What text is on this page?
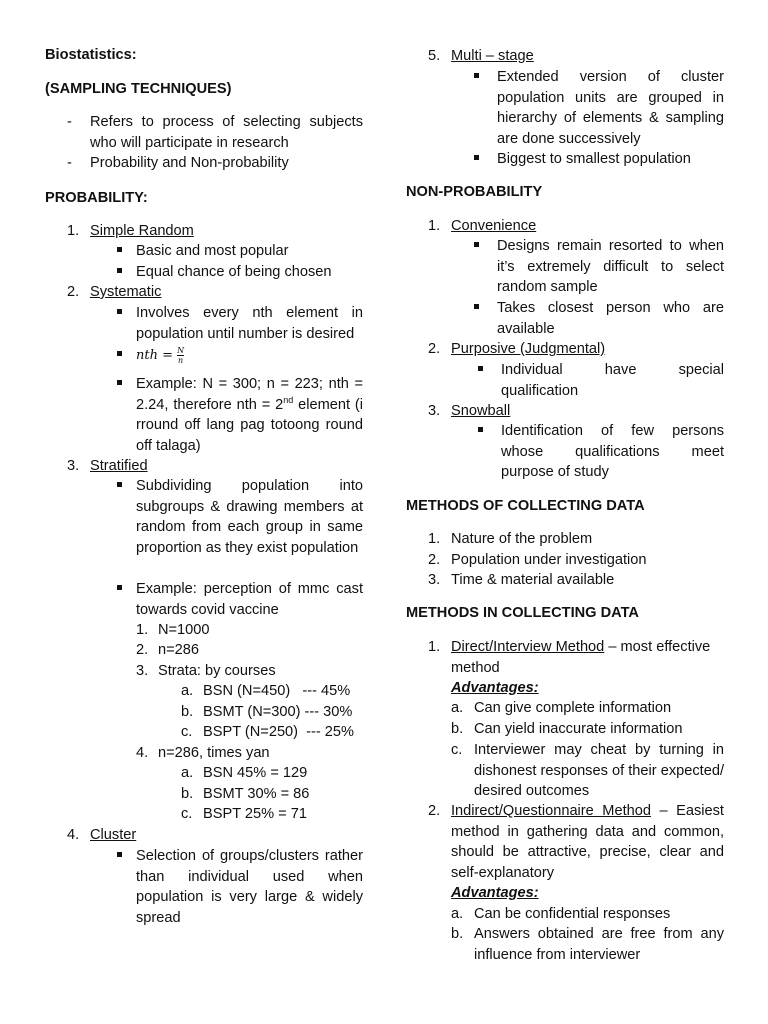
Biostatistics:
(SAMPLING TECHNIQUES)
- Refers to process of selecting subjects who will participate in research
- Probability and Non-probability
PROBABILITY:
1. Simple Random
Basic and most popular
Equal chance of being chosen
2. Systematic
Involves every nth element in population until number is desired
nth = $\frac{N}{n}$
Example: N = 300; n = 223; nth = 2.24, therefore nth = 2nd element (i rround off lang pag totoong round off talaga)
3. Stratified
Subdividing population into subgroups & drawing members at random from each group in same proportion as they exist population
Example: perception of mmc cast towards covid vaccine
1. N=1000
2. n=286
3. Strata: by courses
a. BSN (N=450)   --- 45%
b. BSMT (N=300) --- 30%
c. BSPT (N=250)  --- 25%
4. n=286, times yan
a. BSN 45% = 129
b. BSMT 30% = 86
c. BSPT 25% = 71
4. Cluster
Selection of groups/clusters rather than individual used when population is very large & widely spread
5. Multi – stage
Extended version of cluster population units are grouped in hierarchy of elements & sampling are done successively
Biggest to smallest population
NON-PROBABILITY
1. Convenience
Designs remain resorted to when it’s extremely difficult to select random sample
Takes closest person who are available
2. Purposive (Judgmental)
Individual have special qualification
3. Snowball
Identification of few persons whose qualifications meet purpose of study
METHODS OF COLLECTING DATA
1. Nature of the problem
2. Population under investigation
3. Time & material available
METHODS IN COLLECTING DATA
1. Direct/Interview Method – most effective method
Advantages:
a. Can give complete information
b. Can yield inaccurate information
c. Interviewer may cheat by turning in dishonest responses of their expected/ desired outcomes
2. Indirect/Questionnaire Method – Easiest method in gathering data and common, should be attractive, precise, clear and self-explanatory
Advantages:
a. Can be confidential responses
b. Answers obtained are free from any influence from interviewer
